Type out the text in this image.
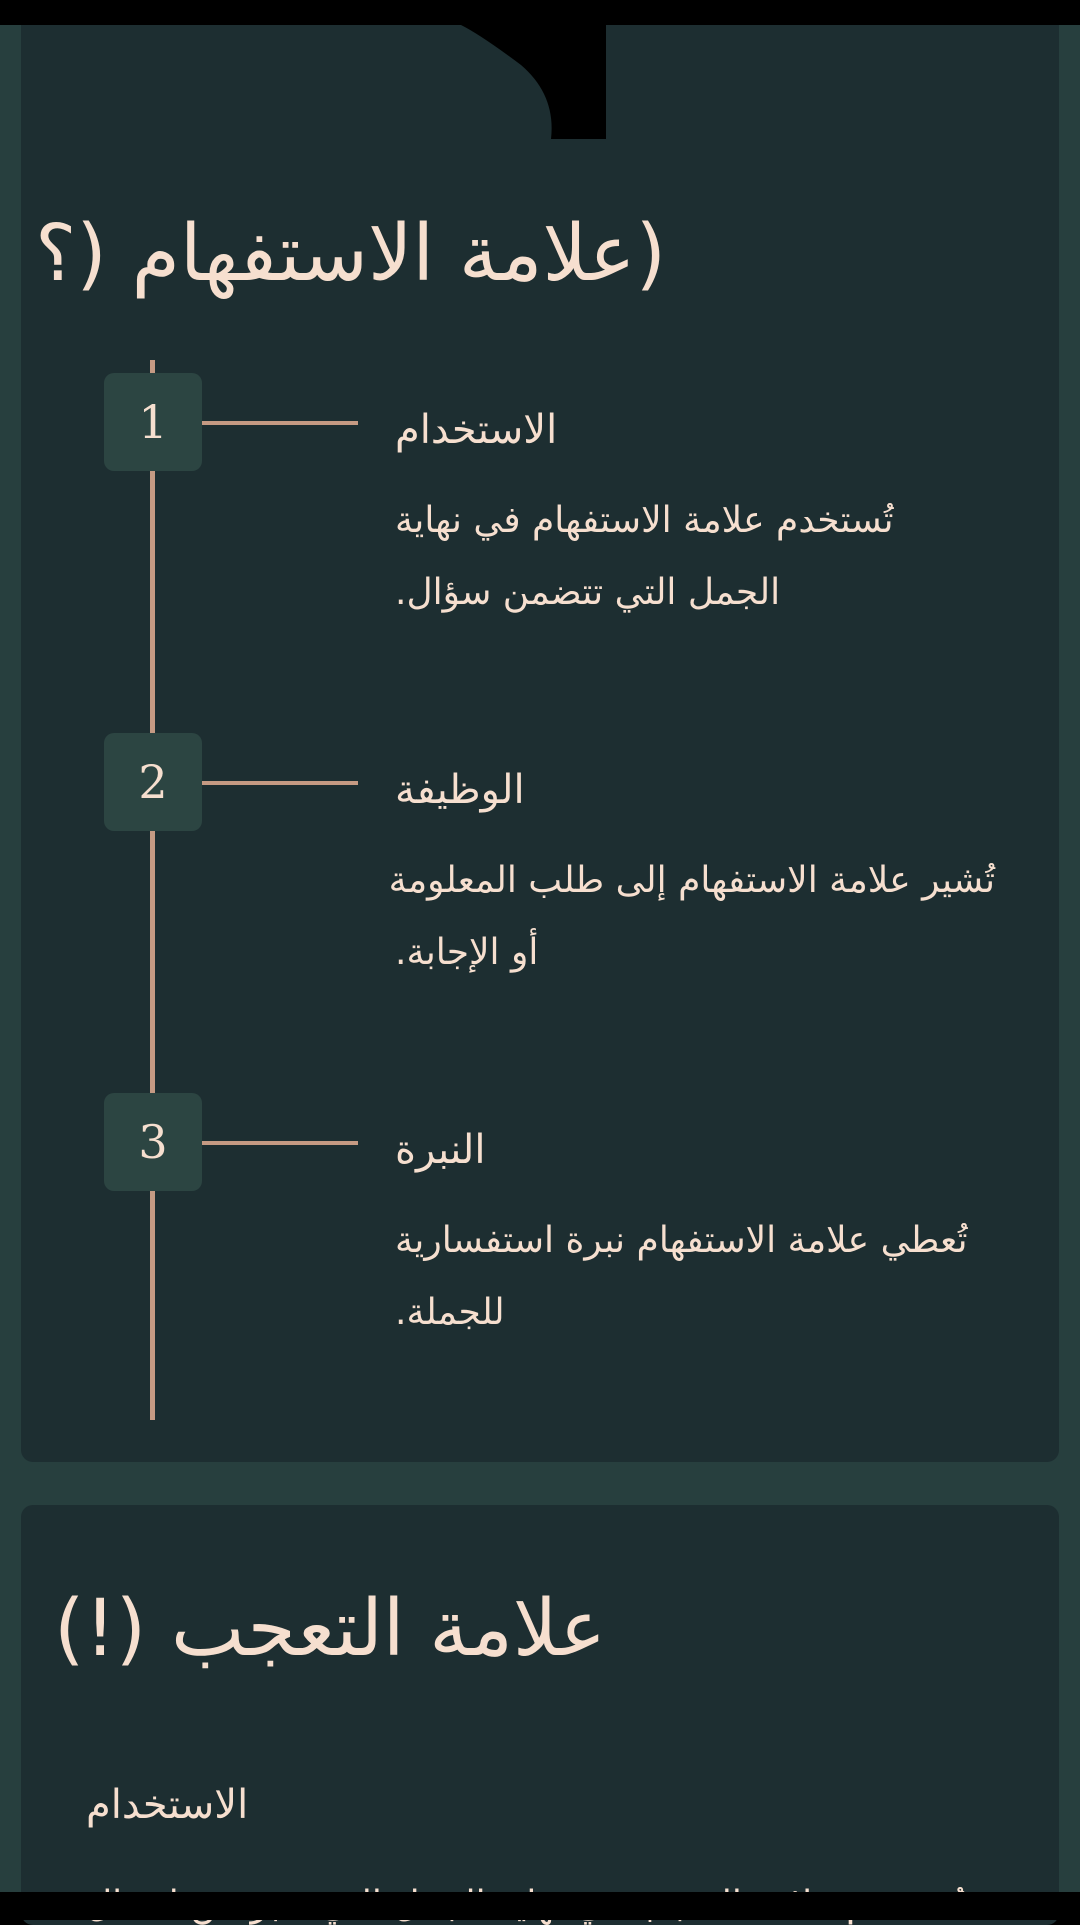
(علامة الاستفهام (؟
1	الاستخدام
تُستخدم علامة الاستفهام في نهاية
الجمل التي تتضمن سؤال.
2	الوظيفة
تُشير علامة الاستفهام إلى طلب المعلومة
أو الإجابة.
3	النبرة
تُعطي علامة الاستفهام نبرة استفسارية
للجملة.
علامة التعجب (!)
الاستخدام
